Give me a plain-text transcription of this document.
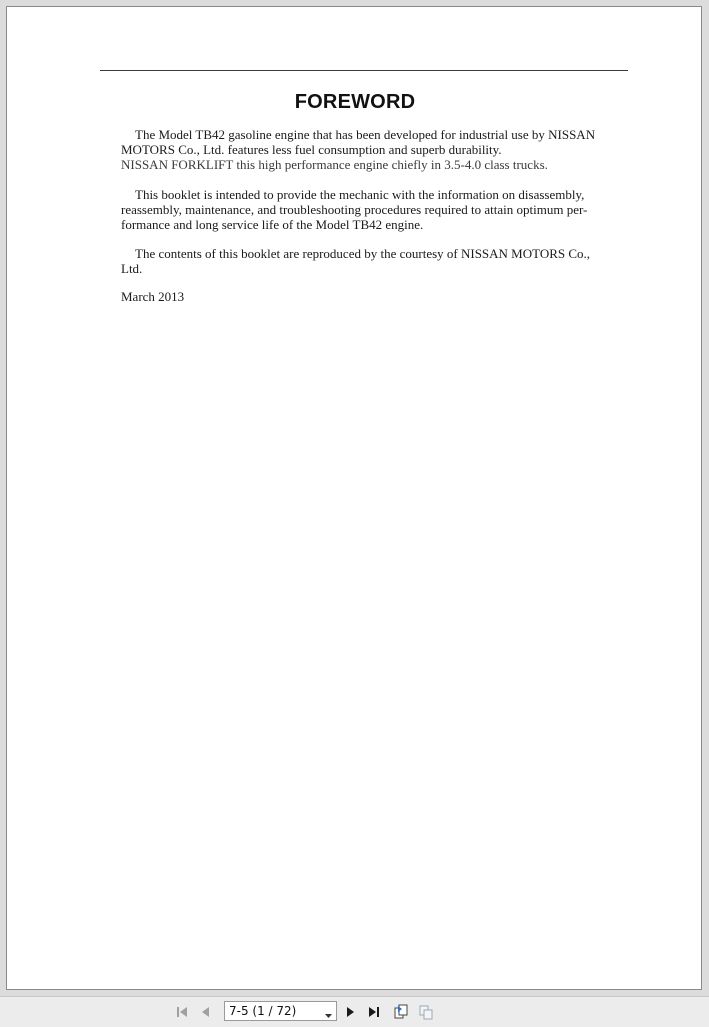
FOREWORD
The Model TB42 gasoline engine that has been developed for industrial use by NISSAN
MOTORS Co., Ltd. features less fuel consumption and superb durability.
NISSAN FORKLIFT this high performance engine chiefly in 3.5-4.0 class trucks.
This booklet is intended to provide the mechanic with the information on disassembly,
reassembly, maintenance, and troubleshooting procedures required to attain optimum per-
formance and long service life of the Model TB42 engine.
The contents of this booklet are reproduced by the courtesy of NISSAN MOTORS Co.,
Ltd.
March 2013
7-5 (1 / 72)
